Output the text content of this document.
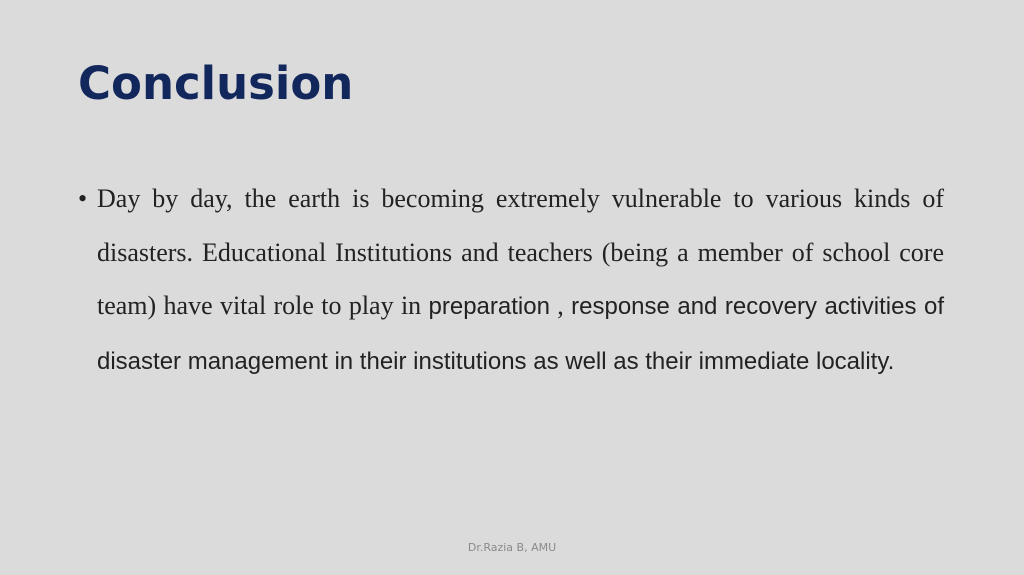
Conclusion
• Day by day, the earth is becoming extremely vulnerable to various kinds of disasters. Educational Institutions and teachers (being a member of school core team) have vital role to play in preparation , response and recovery activities of disaster management in their institutions as well as their immediate locality.

Dr.Razia B, AMU
